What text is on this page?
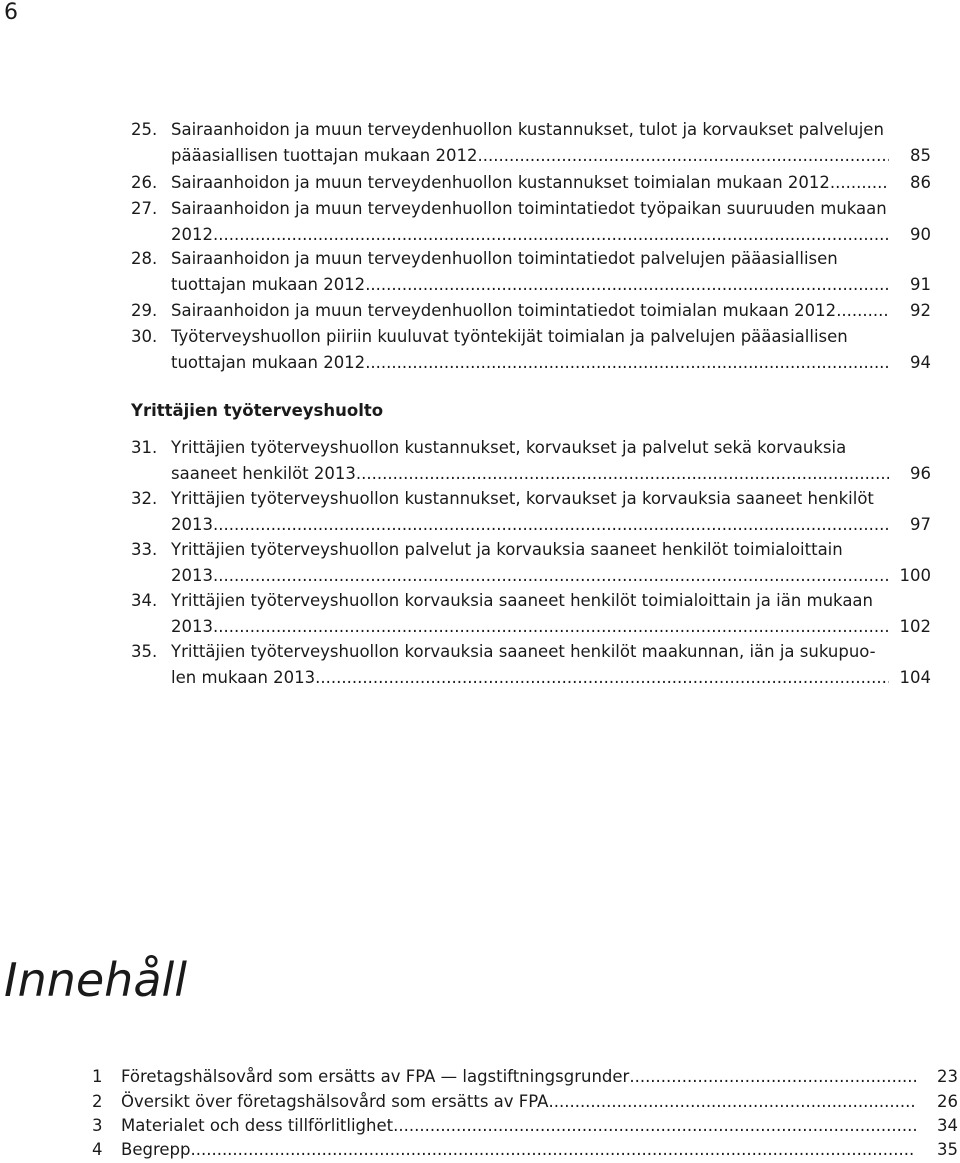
6
25. Sairaanhoidon ja muun terveydenhuollon kustannukset, tulot ja korvaukset palvelujen
pääasiallisen tuottajan mukaan 2012 .....	85
26. Sairaanhoidon ja muun terveydenhuollon kustannukset toimialan mukaan 2012 .....	86
27. Sairaanhoidon ja muun terveydenhuollon toimintatiedot työpaikan suuruuden mukaan
2012 .....	90
28. Sairaanhoidon ja muun terveydenhuollon toimintatiedot palvelujen pääasiallisen
tuottajan mukaan 2012 .....	91
29. Sairaanhoidon ja muun terveydenhuollon toimintatiedot toimialan mukaan 2012 .....	92
30. Työterveyshuollon piiriin kuuluvat työntekijät toimialan ja palvelujen pääasiallisen
tuottajan mukaan 2012 .....	94
Yrittäjien työterveyshuolto
31. Yrittäjien työterveyshuollon kustannukset, korvaukset ja palvelut sekä korvauksia
saaneet henkilöt 2013 .....	96
32. Yrittäjien työterveyshuollon kustannukset, korvaukset ja korvauksia saaneet henkilöt
2013 .....	97
33. Yrittäjien työterveyshuollon palvelut ja korvauksia saaneet henkilöt toimialoittain
2013 .....	100
34. Yrittäjien työterveyshuollon korvauksia saaneet henkilöt toimialoittain ja iän mukaan
2013 .....	102
35. Yrittäjien työterveyshuollon korvauksia saaneet henkilöt maakunnan, iän ja sukupuo-
len mukaan 2013 .....	104
Innehåll
1 Företagshälsovård som ersätts av FPA — lagstiftningsgrunder .....	23
2 Översikt över företagshälsovård som ersätts av FPA .....	26
3 Materialet och dess tillförlitlighet .....	34
4 Begrepp .....	35
